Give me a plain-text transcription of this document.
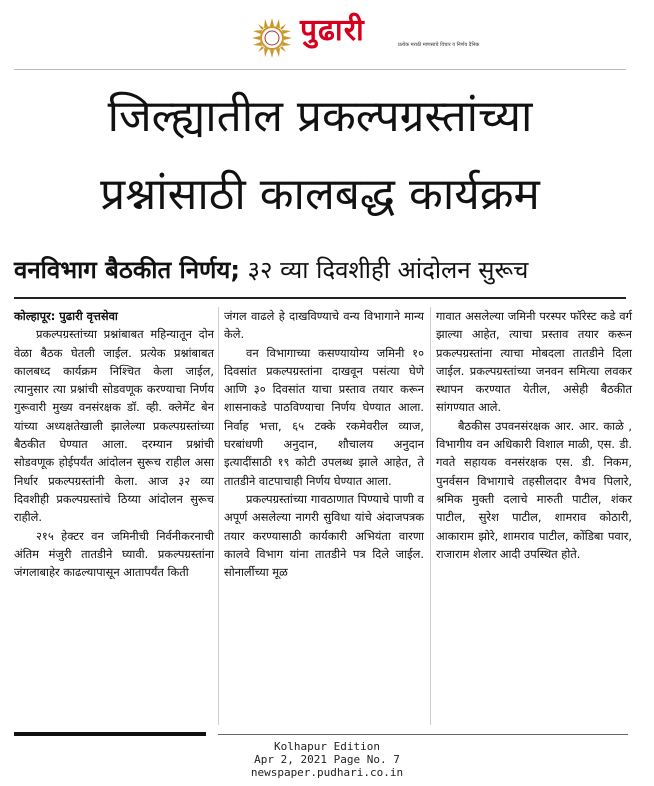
पुढारी	प्रत्येक मराठी माणसाचे विचार व निर्णय दैनिक
जिल्ह्यातील प्रकल्पग्रस्तांच्या
प्रश्नांसाठी कालबद्ध कार्यक्रम
वनविभाग बैठकीत निर्णय; ३२ व्या दिवशीही आंदोलन सुरूच

कोल्हापूर: पुढारी वृत्तसेवा

प्रकल्पग्रस्तांच्या प्रश्नांबाबत महिन्यातून दोन वेळा बैठक घेतली जाईल. प्रत्येक प्रश्नांबाबत कालबध्द कार्यक्रम निश्चित केला जाईल, त्यानुसार त्या प्रश्नांची सोडवणूक करण्याचा निर्णय गुरूवारी मुख्य वनसंरक्षक डॉ. व्ही. क्लेमेंट बेन यांच्या अध्यक्षतेखाली झालेल्या प्रकल्पग्रस्तांच्या बैठकीत घेण्यात आला. दरम्यान प्रश्नांची सोडवणूक होईपर्यंत आंदोलन सुरूच राहील असा निर्धार प्रकल्पग्रस्तांनी केला. आज ३२ व्या दिवशीही प्रकल्पग्रस्तांचे ठिय्या आंदोलन सुरूच राहीले.

२१५ हेक्टर वन जमिनीची निर्वनीकरनाची अंतिम मंजुरी तातडीने घ्यावी. प्रकल्पग्रस्तांना जंगलाबाहेर काढल्यापासून आतापर्यंत किती

जंगल वाढले हे दाखविण्याचे वन्य विभागाने मान्य केले.

वन विभागाच्या कसण्यायोग्य जमिनी १० दिवसांत प्रकल्पग्रस्तांना दाखवून पसंत्या घेणे आणि ३० दिवसांत याचा प्रस्ताव तयार करून शासनाकडे पाठविण्याचा निर्णय घेण्यात आला. निर्वाह भत्ता, ६५ टक्के रकमेवरील व्याज, घरबांधणी अनुदान, शौचालय अनुदान इत्यादींसाठी १९ कोटी उपलब्ध झाले आहेत, ते तातडीने वाटपाचाही निर्णय घेण्यात आला.

प्रकल्पग्रस्तांच्या गावठाणात पिण्याचे पाणी व अपूर्ण असलेल्या नागरी सुविधा यांचे अंदाजपत्रक तयार करण्यासाठी कार्यकारी अभियंता वारणा कालवे विभाग यांना तातडीने पत्र दिले जाईल. सोनार्लीच्या मूळ

गावात असलेल्या जमिनी परस्पर फॉरेस्ट कडे वर्ग झाल्या आहेत, त्याचा प्रस्ताव तयार करून प्रकल्पग्रस्तांना त्याचा मोबदला तातडीने दिला जाईल. प्रकल्पग्रस्तांच्या जनवन समित्या लवकर स्थापन करण्यात येतील, असेही बैठकीत सांगण्यात आले.

बैठकीस उपवनसंरक्षक आर. आर. काळे , विभागीय वन अधिकारी विशाल माळी, एस. डी. गवते सहायक वनसंरक्षक एस. डी. निकम, पुनर्वसन विभागाचे तहसीलदार वैभव पिलारे, श्रमिक मुक्ती दलाचे मारुती पाटील, शंकर पाटील, सुरेश पाटील, शामराव कोठारी, आकाराम झोरे, शामराव पाटील, कोंडिबा पवार, राजाराम शेलार आदी उपस्थित होते.

Kolhapur Edition
Apr 2, 2021 Page No. 7
newspaper.pudhari.co.in
